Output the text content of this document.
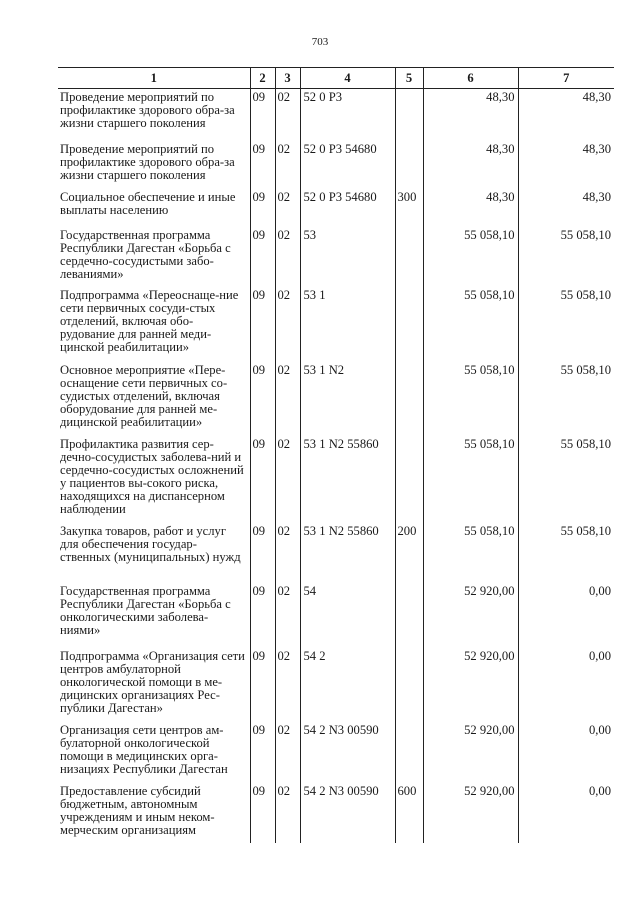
703
1	2	3	4	5	6	7
Проведение мероприятий по профилактике здорового обра-за жизни старшего поколения	09	02	52 0 Р3		48,30	48,30
Проведение мероприятий по профилактике здорового обра-за жизни старшего поколения	09	02	52 0 Р3 54680		48,30	48,30
Социальное обеспечение и иные выплаты населению	09	02	52 0 Р3 54680	300	48,30	48,30
Государственная программа Республики Дагестан «Борьба с сердечно-сосудистыми забо-леваниями»	09	02	53		55 058,10	55 058,10
Подпрограмма «Переоснаще-ние сети первичных сосуди-стых отделений, включая обо-рудование для ранней меди-цинской реабилитации»	09	02	53 1		55 058,10	55 058,10
Основное мероприятие «Пере-оснащение сети первичных со-судистых отделений, включая оборудование для ранней ме-дицинской реабилитации»	09	02	53 1 N2		55 058,10	55 058,10
Профилактика развития сер-дечно-сосудистых заболева-ний и сердечно-сосудистых осложнений у пациентов вы-сокого риска, находящихся на диспансерном наблюдении	09	02	53 1 N2 55860		55 058,10	55 058,10
Закупка товаров, работ и услуг для обеспечения государ-ственных (муниципальных) нужд	09	02	53 1 N2 55860	200	55 058,10	55 058,10
Государственная программа Республики Дагестан «Борьба с онкологическими заболева-ниями»	09	02	54		52 920,00	0,00
Подпрограмма «Организация сети центров амбулаторной онкологической помощи в ме-дицинских организациях Рес-публики Дагестан»	09	02	54 2		52 920,00	0,00
Организация сети центров ам-булаторной онкологической помощи в медицинских орга-низациях Республики Дагестан	09	02	54 2 N3 00590		52 920,00	0,00
Предоставление субсидий бюджетным, автономным учреждениям и иным неком-мерческим организациям	09	02	54 2 N3 00590	600	52 920,00	0,00
